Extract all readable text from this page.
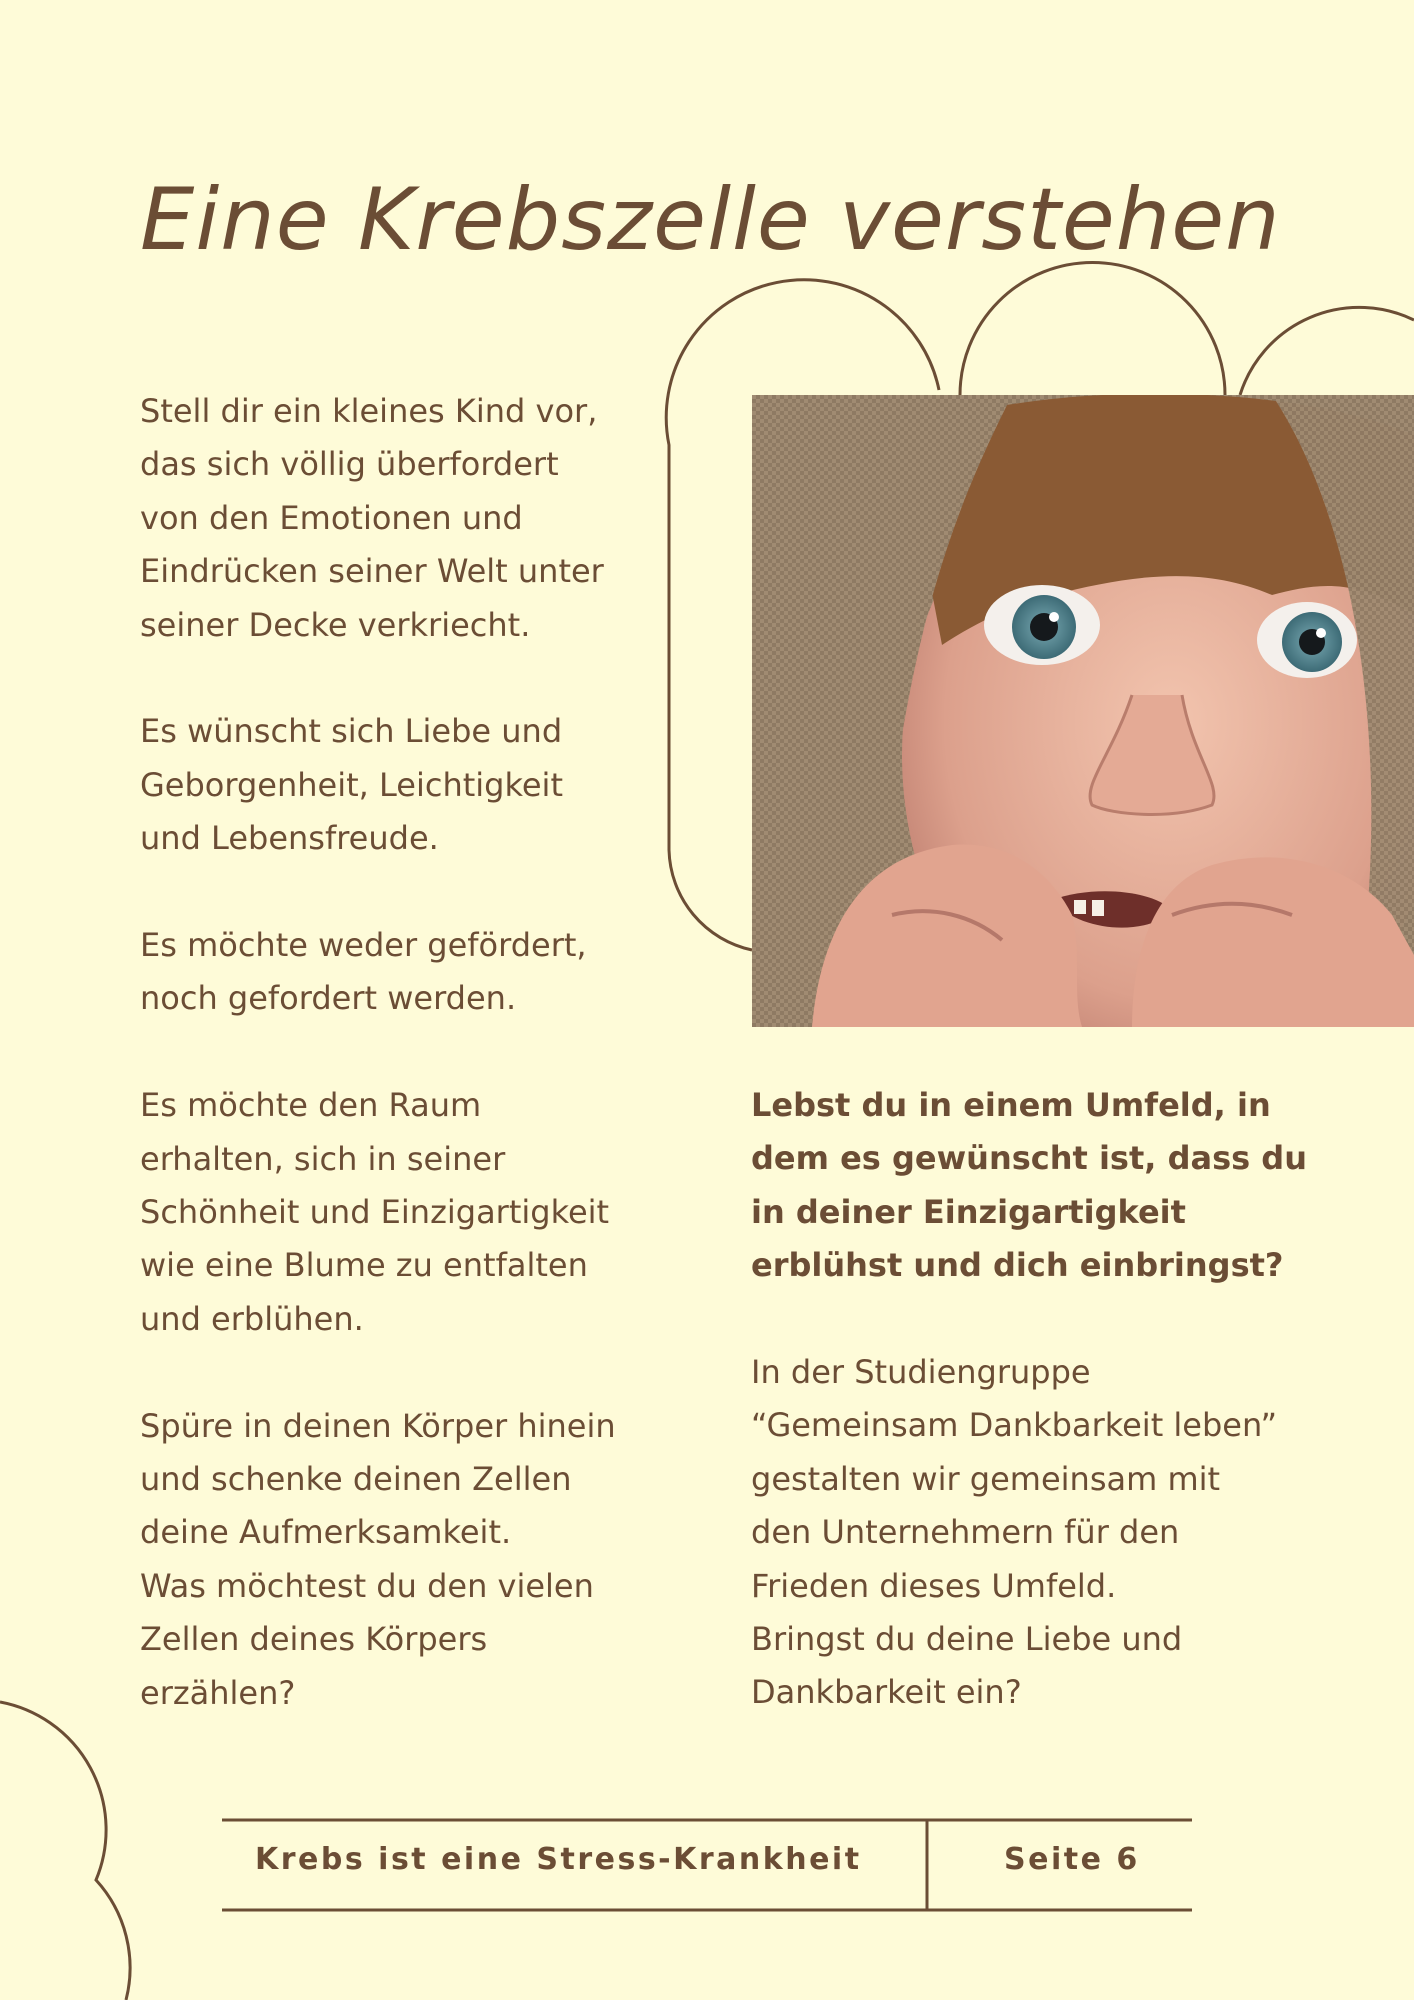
Eine Krebszelle verstehen

Stell dir ein kleines Kind vor,
das sich völlig überfordert
von den Emotionen und
Eindrücken seiner Welt unter
seiner Decke verkriecht.

Es wünscht sich Liebe und
Geborgenheit, Leichtigkeit
und Lebensfreude.

Es möchte weder gefördert,
noch gefordert werden.

Es möchte den Raum
erhalten, sich in seiner
Schönheit und Einzigartigkeit
wie eine Blume zu entfalten
und erblühen.

Spüre in deinen Körper hinein
und schenke deinen Zellen
deine Aufmerksamkeit.
Was möchtest du den vielen
Zellen deines Körpers
erzählen?

Lebst du in einem Umfeld, in
dem es gewünscht ist, dass du
in deiner Einzigartigkeit
erblühst und dich einbringst?

In der Studiengruppe
“Gemeinsam Dankbarkeit leben”
gestalten wir gemeinsam mit
den Unternehmern für den
Frieden dieses Umfeld.
Bringst du deine Liebe und
Dankbarkeit ein?

Krebs ist eine Stress-Krankheit	Seite 6
